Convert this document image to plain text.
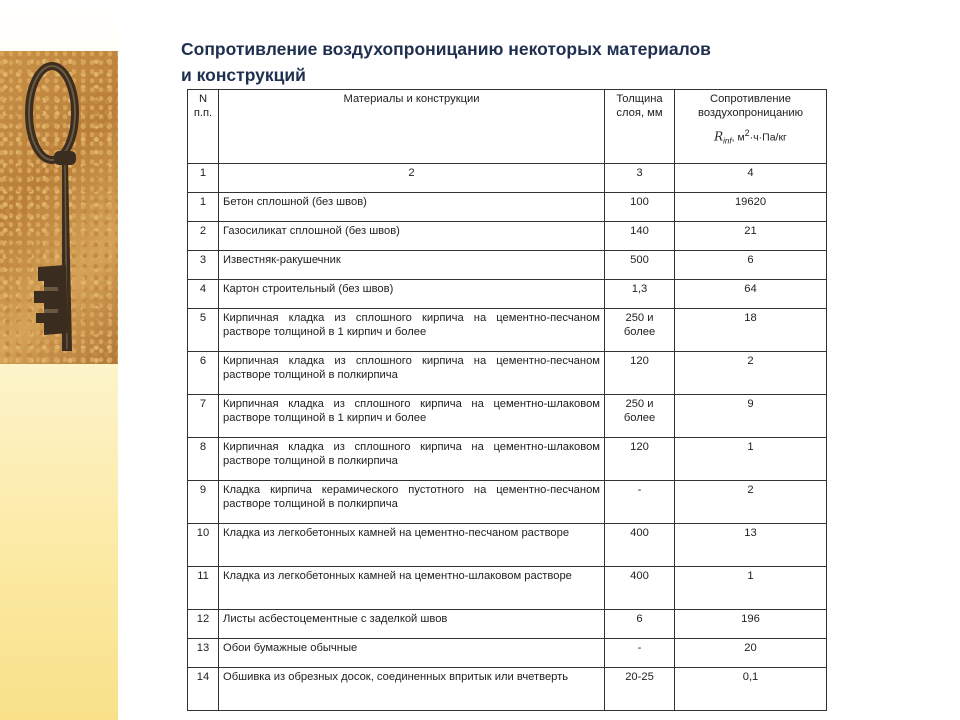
Сопротивление воздухопроницанию некоторых материалов
и конструкций
N п.п.	Материалы и конструкции	Толщина слоя, мм	Сопротивление воздухопроницанию
$R_{inf}$, $м^2\cdot ч\cdot Па/кг$

1	2	3	4
1	Бетон сплошной (без швов)	100	19620
2	Газосиликат сплошной (без швов)	140	21
3	Известняк-ракушечник	500	6
4	Картон строительный (без швов)	1,3	64
5	Кирпичная кладка из сплошного кирпича на цементно-песчаном растворе толщиной в 1 кирпич и более	250 и более	18
6	Кирпичная кладка из сплошного кирпича на цементно-песчаном растворе толщиной в полкирпича	120	2
7	Кирпичная кладка из сплошного кирпича на цементно-шлаковом растворе толщиной в 1 кирпич и более	250 и более	9
8	Кирпичная кладка из сплошного кирпича на цементно-шлаковом растворе толщиной в полкирпича	120	1
9	Кладка кирпича керамического пустотного на цементно-песчаном растворе толщиной в полкирпича	-	2
10	Кладка из легкобетонных камней на цементно-песчаном растворе	400	13
11	Кладка из легкобетонных камней на цементно-шлаковом растворе	400	1
12	Листы асбестоцементные с заделкой швов	6	196
13	Обои бумажные обычные	-	20
14	Обшивка из обрезных досок, соединенных впритык или вчетверть	20-25	0,1
